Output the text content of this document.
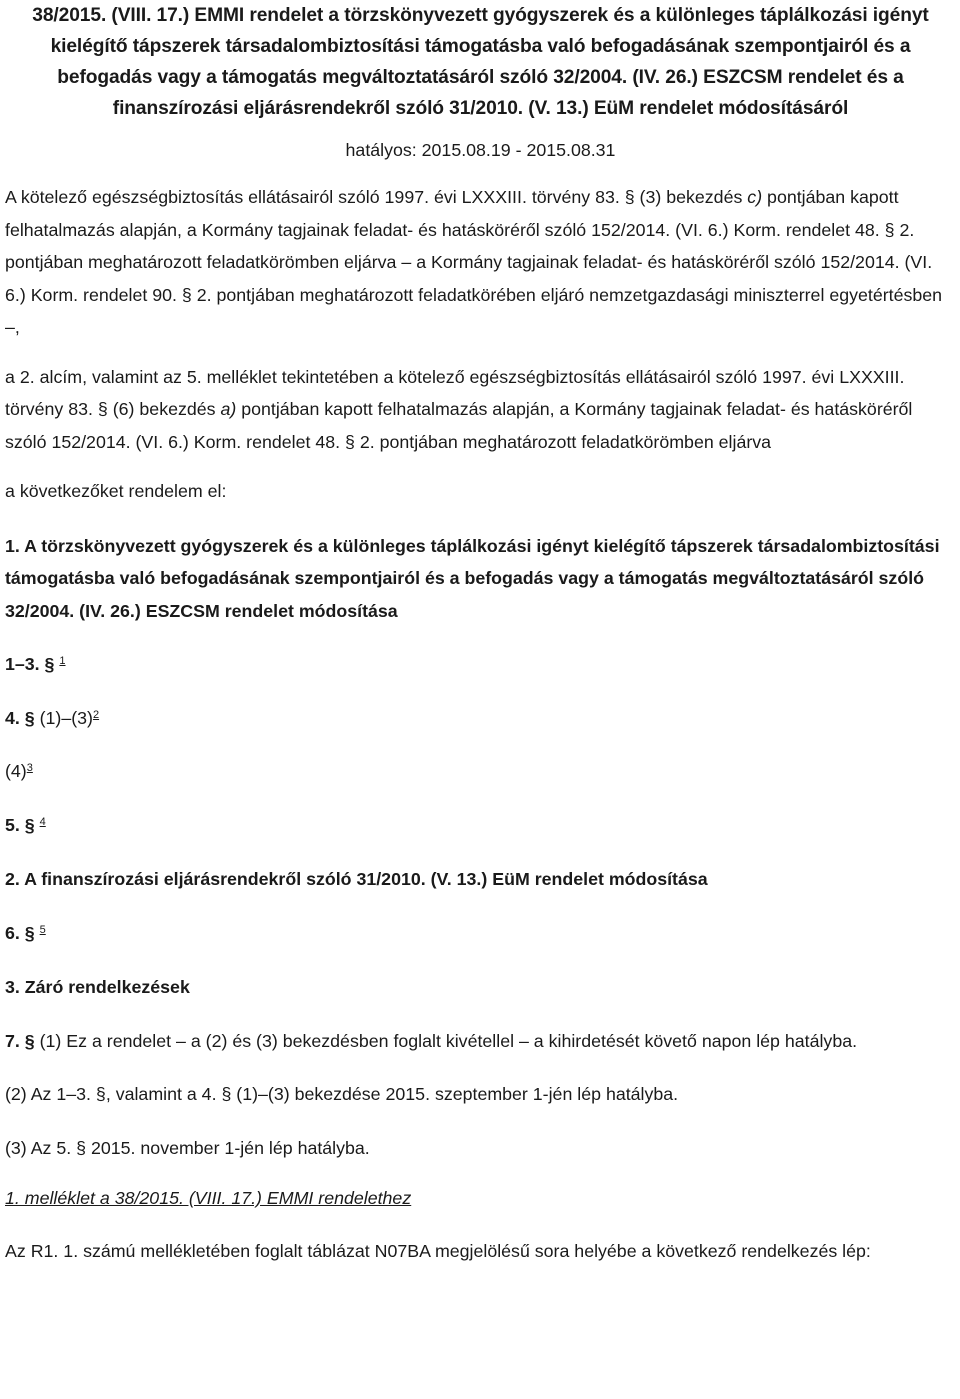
38/2015. (VIII. 17.) EMMI rendelet a törzskönyvezett gyógyszerek és a különleges táplálkozási igényt kielégítő tápszerek társadalombiztosítási támogatásba való befogadásának szempontjairól és a befogadás vagy a támogatás megváltoztatásáról szóló 32/2004. (IV. 26.) ESZCSM rendelet és a finanszírozási eljárásrendekről szóló 31/2010. (V. 13.) EüM rendelet módosításáról
hatályos: 2015.08.19 - 2015.08.31

A kötelező egészségbiztosítás ellátásairól szóló 1997. évi LXXXIII. törvény 83. § (3) bekezdés c) pontjában kapott felhatalmazás alapján, a Kormány tagjainak feladat- és hatásköréről szóló 152/2014. (VI. 6.) Korm. rendelet 48. § 2. pontjában meghatározott feladatkörömben eljárva – a Kormány tagjainak feladat- és hatásköréről szóló 152/2014. (VI. 6.) Korm. rendelet 90. § 2. pontjában meghatározott feladatkörében eljáró nemzetgazdasági miniszterrel egyetértésben –,

a 2. alcím, valamint az 5. melléklet tekintetében a kötelező egészségbiztosítás ellátásairól szóló 1997. évi LXXXIII. törvény 83. § (6) bekezdés a) pontjában kapott felhatalmazás alapján, a Kormány tagjainak feladat- és hatásköréről szóló 152/2014. (VI. 6.) Korm. rendelet 48. § 2. pontjában meghatározott feladatkörömben eljárva

a következőket rendelem el:

1. A törzskönyvezett gyógyszerek és a különleges táplálkozási igényt kielégítő tápszerek társadalombiztosítási támogatásba való befogadásának szempontjairól és a befogadás vagy a támogatás megváltoztatásáról szóló 32/2004. (IV. 26.) ESZCSM rendelet módosítása

1–3. § $^1$

4. § (1)–(3)$^2$

(4)$^3$

5. § $^4$

2. A finanszírozási eljárásrendekről szóló 31/2010. (V. 13.) EüM rendelet módosítása

6. § $^5$

3. Záró rendelkezések

7. § (1) Ez a rendelet – a (2) és (3) bekezdésben foglalt kivétellel – a kihirdetését követő napon lép hatályba.

(2) Az 1–3. §, valamint a 4. § (1)–(3) bekezdése 2015. szeptember 1-jén lép hatályba.

(3) Az 5. § 2015. november 1-jén lép hatályba.

1. melléklet a 38/2015. (VIII. 17.) EMMI rendelethez

Az R1. 1. számú mellékletében foglalt táblázat N07BA megjelölésű sora helyébe a következő rendelkezés lép:
